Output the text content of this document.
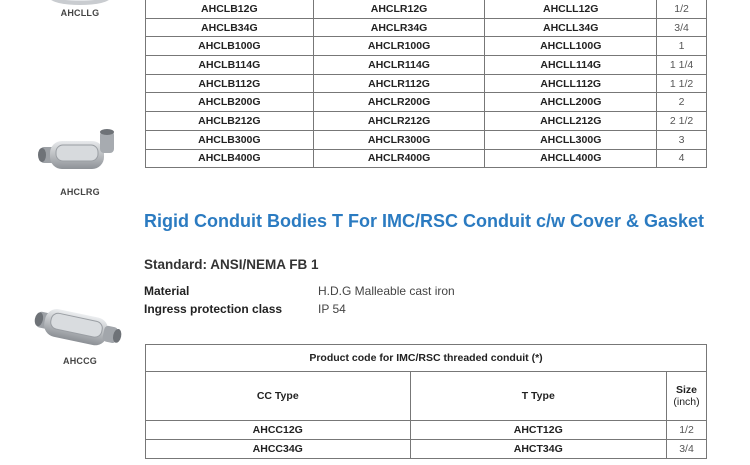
AHCLLG
AHCLRG
AHCCG
AHCLB12G	AHCLR12G	AHCLL12G	1/2
AHCLB34G	AHCLR34G	AHCLL34G	3/4
AHCLB100G	AHCLR100G	AHCLL100G	1
AHCLB114G	AHCLR114G	AHCLL114G	1 1/4
AHCLB112G	AHCLR112G	AHCLL112G	1 1/2
AHCLB200G	AHCLR200G	AHCLL200G	2
AHCLB212G	AHCLR212G	AHCLL212G	2 1/2
AHCLB300G	AHCLR300G	AHCLL300G	3
AHCLB400G	AHCLR400G	AHCLL400G	4
Rigid Conduit Bodies T For IMC/RSC Conduit c/w Cover & Gasket
Standard: ANSI/NEMA FB 1
Material	H.D.G Malleable cast iron
Ingress protection class	IP 54
Product code for IMC/RSC threaded conduit (*)		
CC Type	T Type	Size
(inch)

AHCC12G	AHCT12G	1/2
AHCC34G	AHCT34G	3/4
